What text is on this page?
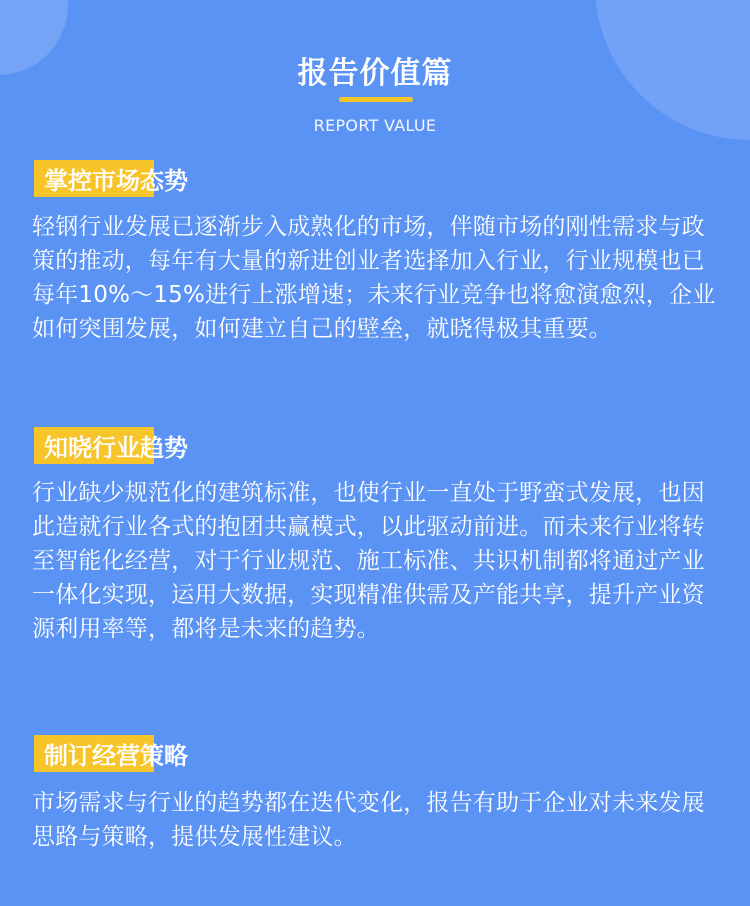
报告价值篇
REPORT VALUE
掌控市场态势

轻钢行业发展已逐渐步入成熟化的市场，伴随市场的刚性需求与政策的推动，每年有大量的新进创业者选择加入行业，行业规模也已每年10%～15%进行上涨增速；未来行业竞争也将愈演愈烈，企业如何突围发展，如何建立自己的壁垒，就晓得极其重要。

知晓行业趋势

行业缺少规范化的建筑标准，也使行业一直处于野蛮式发展，也因此造就行业各式的抱团共赢模式，以此驱动前进。而未来行业将转至智能化经营，对于行业规范、施工标准、共识机制都将通过产业一体化实现，运用大数据，实现精准供需及产能共享，提升产业资源利用率等，都将是未来的趋势。

制订经营策略

市场需求与行业的趋势都在迭代变化，报告有助于企业对未来发展思路与策略，提供发展性建议。
